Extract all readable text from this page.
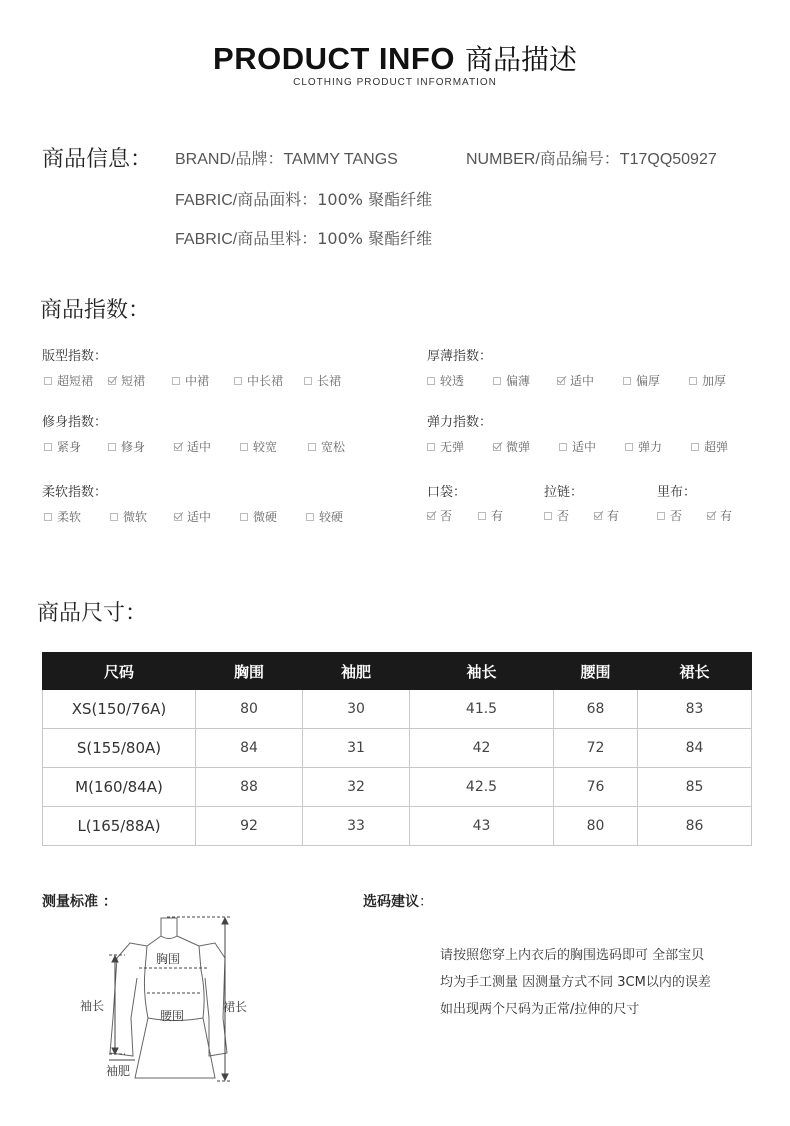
PRODUCT INFO 商品描述
CLOTHING PRODUCT INFORMATION
商品信息： BRAND/品牌：TAMMY TANGS	NUMBER/商品编号：T17QQ50927
FABRIC/商品面料：100% 聚酯纤维
FABRIC/商品里料：100% 聚酯纤维
商品指数：
版型指数：
超短裙 短裙	中裙	中长裙	长裙
厚薄指数：
较透	偏薄	适中	偏厚	加厚
修身指数：
紧身	修身	适中	较宽	宽松
弹力指数：
无弹	微弹	适中	弹力	超弹
柔软指数：
柔软	微软	适中	微硬	较硬
口袋：
否	有
拉链：
否	有
里布：
否	有
商品尺寸：
尺码	胸围	袖肥	袖长	腰围	裙长
XS(150/76A)	80	30	41.5	68	83
S(155/80A)	84	31	42	72	84
M(160/84A)	88	32	42.5	76	85
L(165/88A)	92	33	43	80	86
测量标准 ：
胸围
腰围
袖长	裙长
袖肥
选码建议：
请按照您穿上内衣后的胸围选码即可 全部宝贝
均为手工测量 因测量方式不同 3CM以内的误差
如出现两个尺码为正常/拉伸的尺寸
